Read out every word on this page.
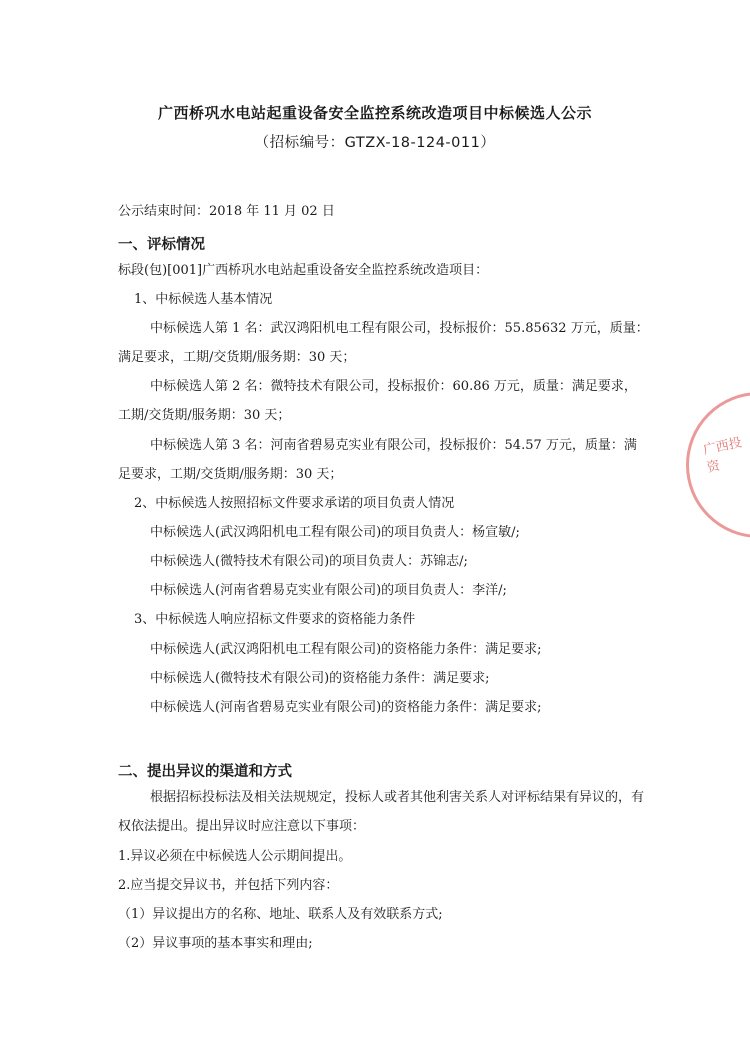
广西桥巩水电站起重设备安全监控系统改造项目中标候选人公示
（招标编号：GTZX-18-124-011）
公示结束时间：2018 年 11 月 02 日
一、评标情况
标段(包)[001]广西桥巩水电站起重设备安全监控系统改造项目：
1、中标候选人基本情况
中标候选人第 1 名：武汉鸿阳机电工程有限公司，投标报价：55.85632 万元，质量：
满足要求，工期/交货期/服务期：30 天；
中标候选人第 2 名：微特技术有限公司，投标报价：60.86 万元，质量：满足要求，
工期/交货期/服务期：30 天；
中标候选人第 3 名：河南省碧易克实业有限公司，投标报价：54.57 万元，质量：满
足要求，工期/交货期/服务期：30 天；
2、中标候选人按照招标文件要求承诺的项目负责人情况
中标候选人(武汉鸿阳机电工程有限公司)的项目负责人：杨宣敏/;
中标候选人(微特技术有限公司)的项目负责人：苏锦志/;
中标候选人(河南省碧易克实业有限公司)的项目负责人：李洋/;
3、中标候选人响应招标文件要求的资格能力条件
中标候选人(武汉鸿阳机电工程有限公司)的资格能力条件：满足要求;
中标候选人(微特技术有限公司)的资格能力条件：满足要求;
中标候选人(河南省碧易克实业有限公司)的资格能力条件：满足要求;
二、提出异议的渠道和方式
根据招标投标法及相关法规规定，投标人或者其他利害关系人对评标结果有异议的，有
权依法提出。提出异议时应注意以下事项：
1.异议必须在中标候选人公示期间提出。
2.应当提交异议书，并包括下列内容：
（1）异议提出方的名称、地址、联系人及有效联系方式;
（2）异议事项的基本事实和理由;
广西投资
